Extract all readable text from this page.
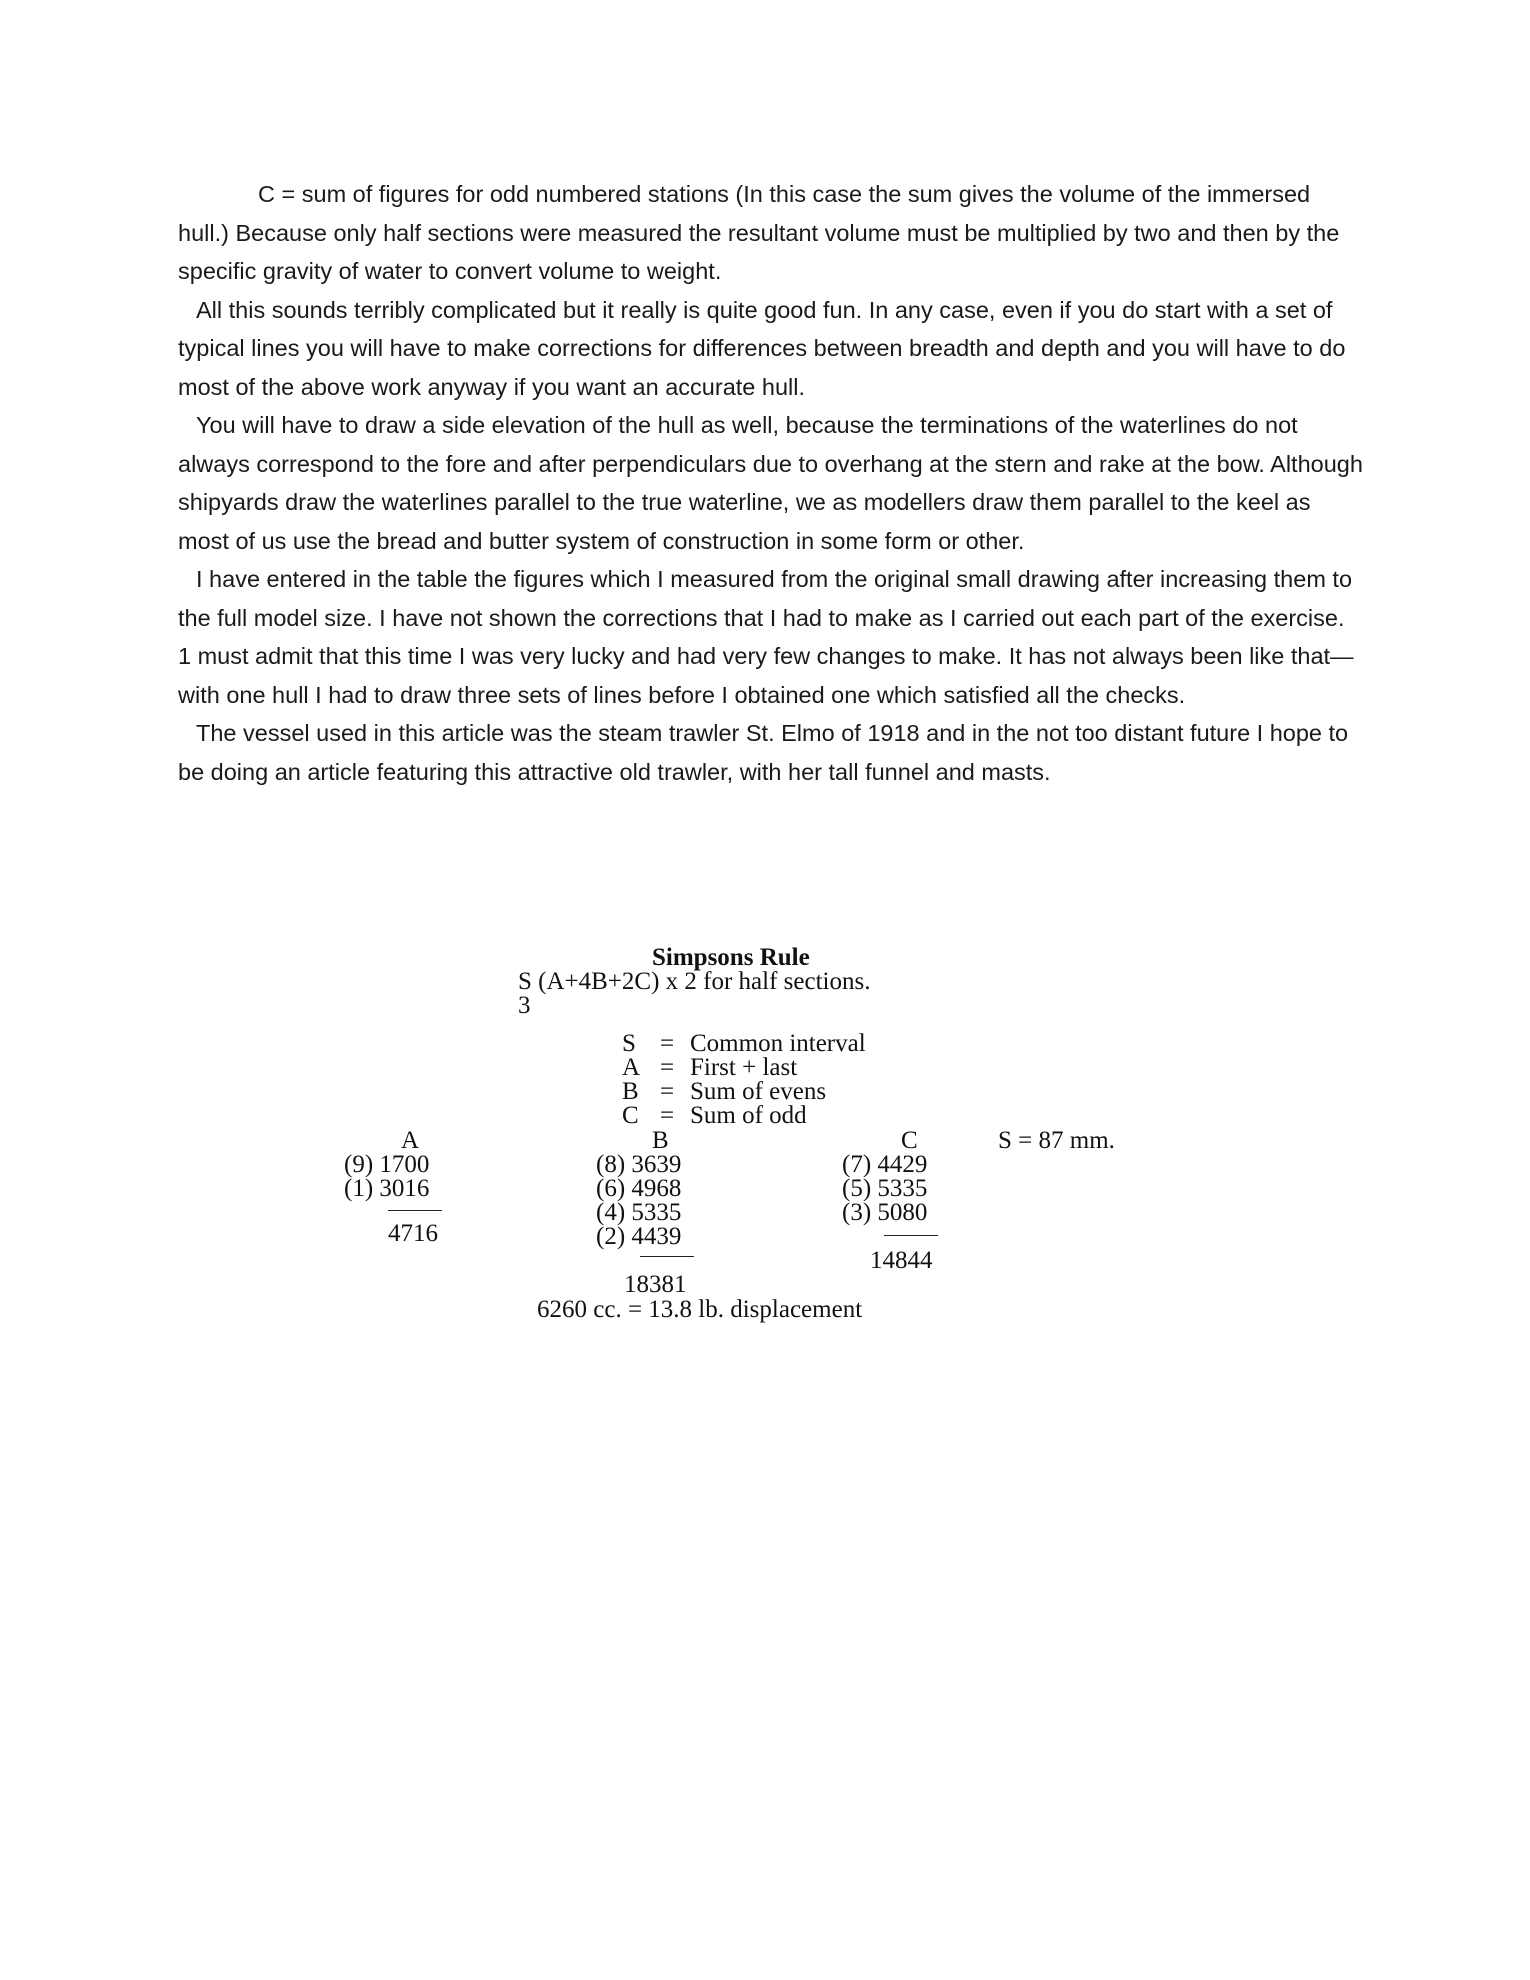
C = sum of figures for odd numbered stations (In this case the sum gives the volume of the immersed hull.) Because only half sections were measured the resultant volume must be multiplied by two and then by the specific gravity of water to convert volume to weight.

All this sounds terribly complicated but it really is quite good fun. In any case, even if you do start with a set of typical lines you will have to make corrections for differences between breadth and depth and you will have to do most of the above work anyway if you want an accurate hull.

You will have to draw a side elevation of the hull as well, because the terminations of the waterlines do not always correspond to the fore and after perpendiculars due to overhang at the stern and rake at the bow. Although shipyards draw the waterlines parallel to the true waterline, we as modellers draw them parallel to the keel as most of us use the bread and butter system of construction in some form or other.

I have entered in the table the figures which I measured from the original small drawing after increasing them to the full model size. I have not shown the corrections that I had to make as I carried out each part of the exercise. 1 must admit that this time I was very lucky and had very few changes to make. It has not always been like that—with one hull I had to draw three sets of lines before I obtained one which satisfied all the checks.

The vessel used in this article was the steam trawler St. Elmo of 1918 and in the not too distant future I hope to be doing an article featuring this attractive old trawler, with her tall funnel and masts.

Simpsons Rule
S (A+4B+2C) x 2 for half sections.
3
S = Common interval
A = First + last
B = Sum of evens
C = Sum of odd
A
(9) 1700
(1) 3016
4716
B
(8) 3639
(6) 4968
(4) 5335
(2) 4439
18381
C
(7) 4429
(5) 5335
(3) 5080
14844
S = 87 mm.
6260 cc. = 13.8 lb. displacement
